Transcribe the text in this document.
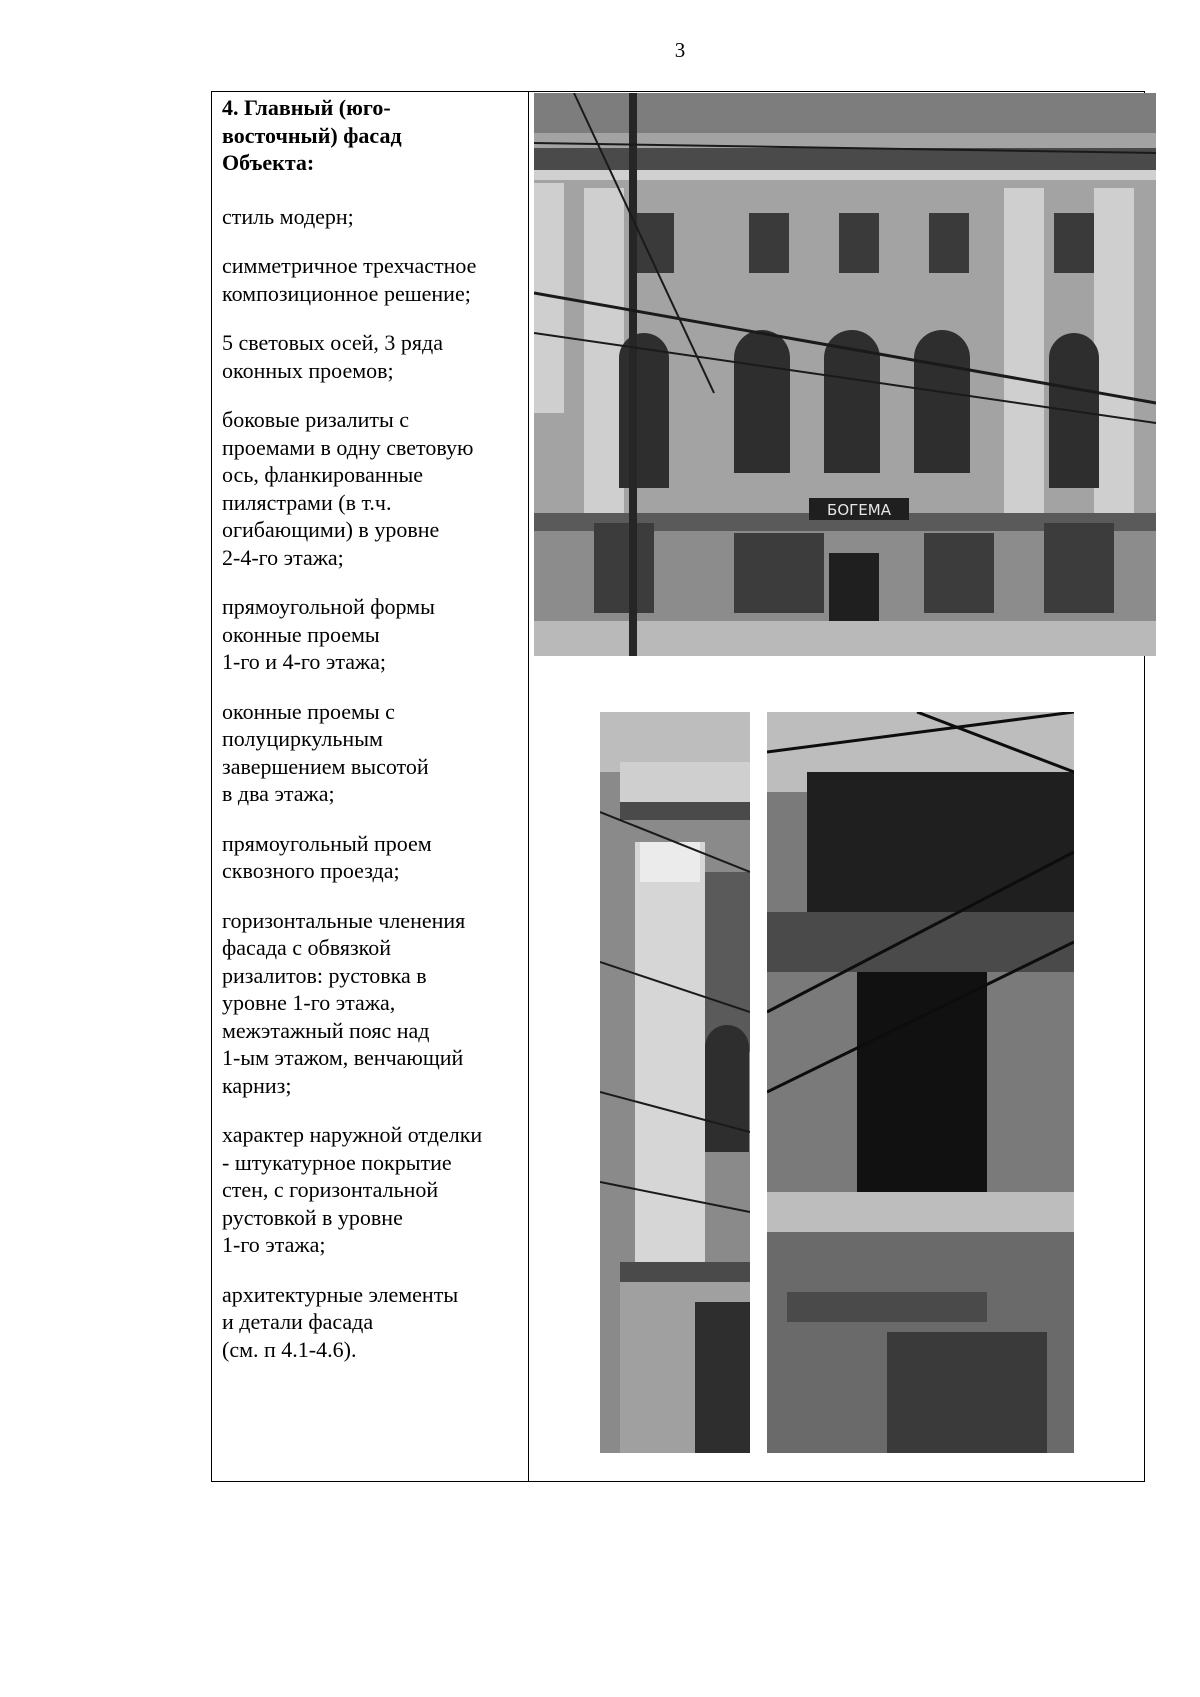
3
4. Главный (юго-
восточный) фасад
Объекта:
стиль модерн;
симметричное трехчастное
композиционное решение;
5 световых осей, 3 ряда
оконных проемов;
боковые ризалиты с
проемами в одну световую
ось, фланкированные
пилястрами (в т.ч.
огибающими) в уровне
2-4-го этажа;
прямоугольной формы
оконные проемы
1-го и 4-го этажа;
оконные проемы с
полуциркульным
завершением высотой
в два этажа;
прямоугольный проем
сквозного проезда;
горизонтальные членения
фасада с обвязкой
ризалитов: рустовка в
уровне 1-го этажа,
межэтажный пояс над
1-ым этажом, венчающий
карниз;
характер наружной отделки
- штукатурное покрытие
стен, с горизонтальной
рустовкой в уровне
1-го этажа;
архитектурные элементы
и детали фасада
(см. п 4.1-4.6).
БОГЕМА
